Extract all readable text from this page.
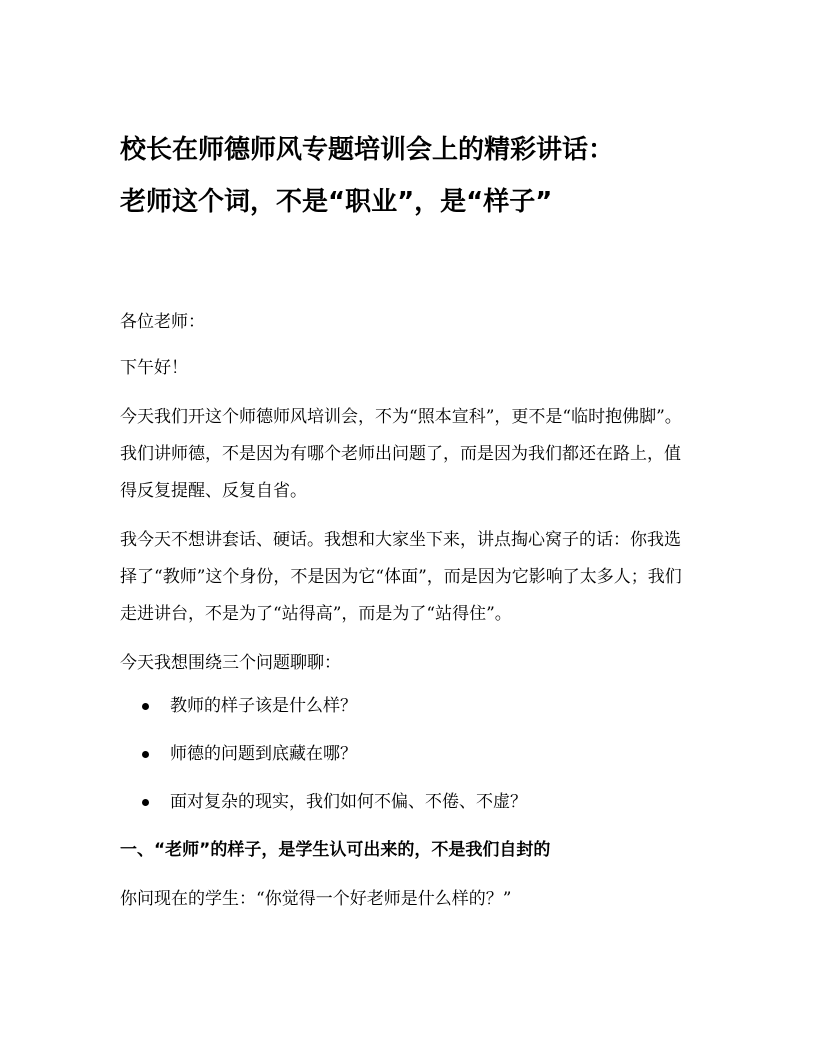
校长在师德师风专题培训会上的精彩讲话：
老师这个词，不是“职业”，是“样子”

各位老师：

下午好！

今天我们开这个师德师风培训会，不为“照本宣科”，更不是“临时抱佛脚”。我们讲师德，不是因为有哪个老师出问题了，而是因为我们都还在路上，值得反复提醒、反复自省。

我今天不想讲套话、硬话。我想和大家坐下来，讲点掏心窝子的话：你我选择了“教师”这个身份，不是因为它“体面”，而是因为它影响了太多人；我们走进讲台，不是为了“站得高”，而是为了“站得住”。

今天我想围绕三个问题聊聊：

教师的样子该是什么样？
师德的问题到底藏在哪？
面对复杂的现实，我们如何不偏、不倦、不虚？
一、“老师”的样子，是学生认可出来的，不是我们自封的

你问现在的学生：“你觉得一个好老师是什么样的？”
